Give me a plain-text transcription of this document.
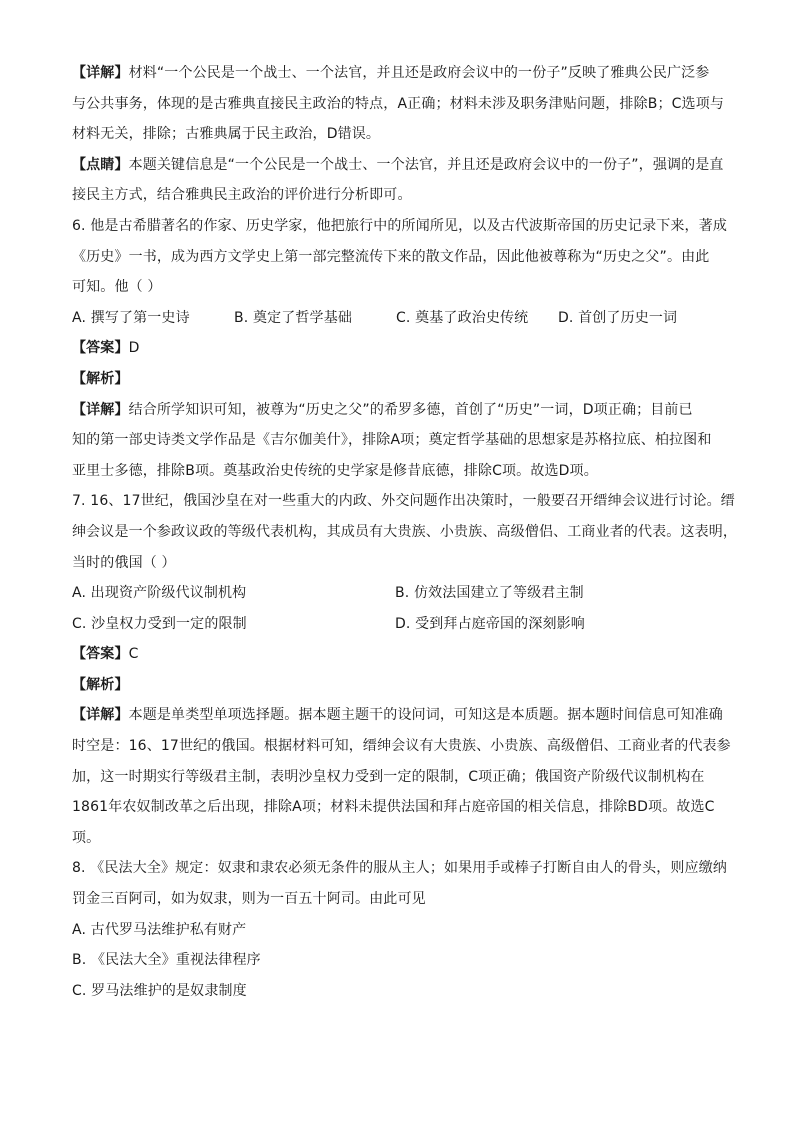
【详解】材料“一个公民是一个战士、一个法官，并且还是政府会议中的一份子”反映了雅典公民广泛参
与公共事务，体现的是古雅典直接民主政治的特点，A正确；材料未涉及职务津贴问题，排除B；C选项与
材料无关，排除；古雅典属于民主政治，D错误。
【点睛】本题关键信息是“一个公民是一个战士、一个法官，并且还是政府会议中的一份子”，强调的是直
接民主方式，结合雅典民主政治的评价进行分析即可。
6. 他是古希腊著名的作家、历史学家，他把旅行中的所闻所见，以及古代波斯帝国的历史记录下来，著成
《历史》一书，成为西方文学史上第一部完整流传下来的散文作品，因此他被尊称为“历史之父”。由此
可知。他（ ）
A. 撰写了第一史诗	B. 奠定了哲学基础	C. 奠基了政治史传统 D. 首创了历史一词
【答案】D
【解析】
【详解】结合所学知识可知，被尊为“历史之父”的希罗多德，首创了“历史”一词，D项正确；目前已
知的第一部史诗类文学作品是《吉尔伽美什》，排除A项；奠定哲学基础的思想家是苏格拉底、柏拉图和
亚里士多德，排除B项。奠基政治史传统的史学家是修昔底德，排除C项。故选D项。
7. 16、17世纪，俄国沙皇在对一些重大的内政、外交问题作出决策时，一般要召开缙绅会议进行讨论。缙
绅会议是一个参政议政的等级代表机构，其成员有大贵族、小贵族、高级僧侣、工商业者的代表。这表明，
当时的俄国（ ）
A. 出现资产阶级代议制机构	B. 仿效法国建立了等级君主制
C. 沙皇权力受到一定的限制	D. 受到拜占庭帝国的深刻影响
【答案】C
【解析】
【详解】本题是单类型单项选择题。据本题主题干的设问词，可知这是本质题。据本题时间信息可知准确
时空是：16、17世纪的俄国。根据材料可知，缙绅会议有大贵族、小贵族、高级僧侣、工商业者的代表参
加，这一时期实行等级君主制，表明沙皇权力受到一定的限制，C项正确；俄国资产阶级代议制机构在
1861年农奴制改革之后出现，排除A项；材料未提供法国和拜占庭帝国的相关信息，排除BD项。故选C
项。
8. 《民法大全》规定：奴隶和隶农必须无条件的服从主人；如果用手或棒子打断自由人的骨头，则应缴纳
罚金三百阿司，如为奴隶，则为一百五十阿司。由此可见
A. 古代罗马法维护私有财产
B. 《民法大全》重视法律程序
C. 罗马法维护的是奴隶制度
